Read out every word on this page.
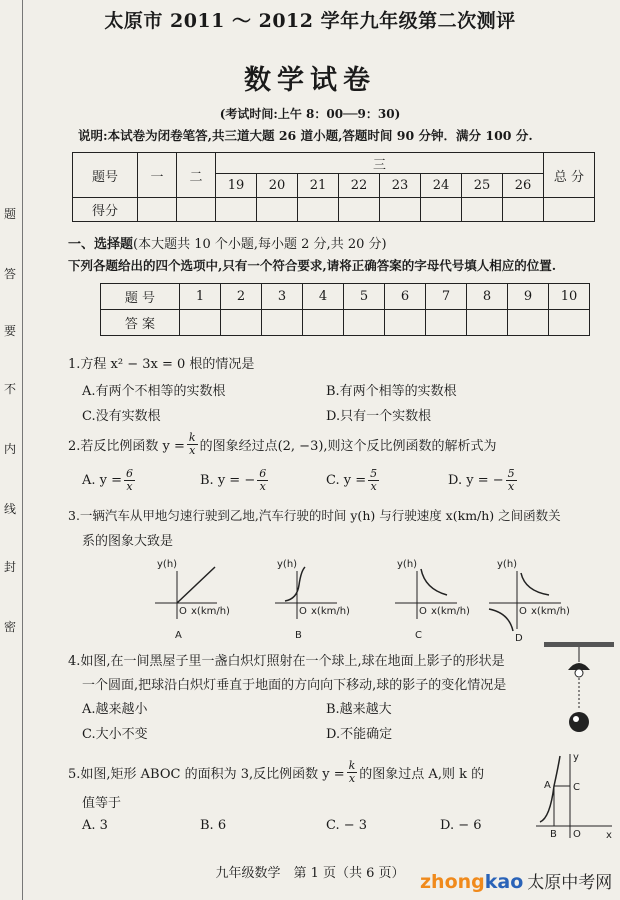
题
答
要
不
内
线
封
密
太原市 2011 ～ 2012 学年九年级第二次测评
数学试卷
(考试时间:上午 8：00──9：30)
说明:本试卷为闭卷笔答,共三道大题 26 道小题,答题时间 90 分钟．满分 100 分.
题号	一	二	三								总 分
			19	20	21	22	23	24	25	26	
得分											
一、选择题(本大题共 10 个小题,每小题 2 分,共 20 分)
下列各题给出的四个选项中,只有一个符合要求,请将正确答案的字母代号填人相应的位置.
题 号	1	2	3	4	5	6	7	8	9	10
答 案										
1.方程 x² − 3x = 0 根的情况是
A.有两个不相等的实数根	B.有两个相等的实数根
C.没有实数根	D.只有一个实数根
2.若反比例函数 $y = \frac{k}{x}$ 的图象经过点(2, −3),则这个反比例函数的解析式为
A. $y = \frac{6}{x}$	B. y = − $\frac{6}{x}$	C. $y = \frac{5}{x}$	D. y = − $\frac{5}{x}$
3.一辆汽车从甲地匀速行驶到乙地,汽车行驶的时间 y(h) 与行驶速度 x(km/h) 之间函数关
系的图象大致是
y(h)
O x(km/h)
A
y(h)
O x(km/h)
B
y(h)
O x(km/h)
C
y(h)
O x(km/h)
D
4.如图,在一间黑屋子里一盏白炽灯照射在一个球上,球在地面上影子的形状是
一个圆面,把球沿白炽灯垂直于地面的方向向下移动,球的影子的变化情况是
A.越来越小	B.越来越大
C.大小不变	D.不能确定
5.如图,矩形 ABOC 的面积为 3,反比例函数 $y = \frac{k}{x}$ 的图象过点 A,则 k 的
值等于
A. 3	B. 6	C. − 3	D. − 6
y
x
A C
B O
九年级数学　第 1 页（共 6 页） zhongkao 太原中考网
